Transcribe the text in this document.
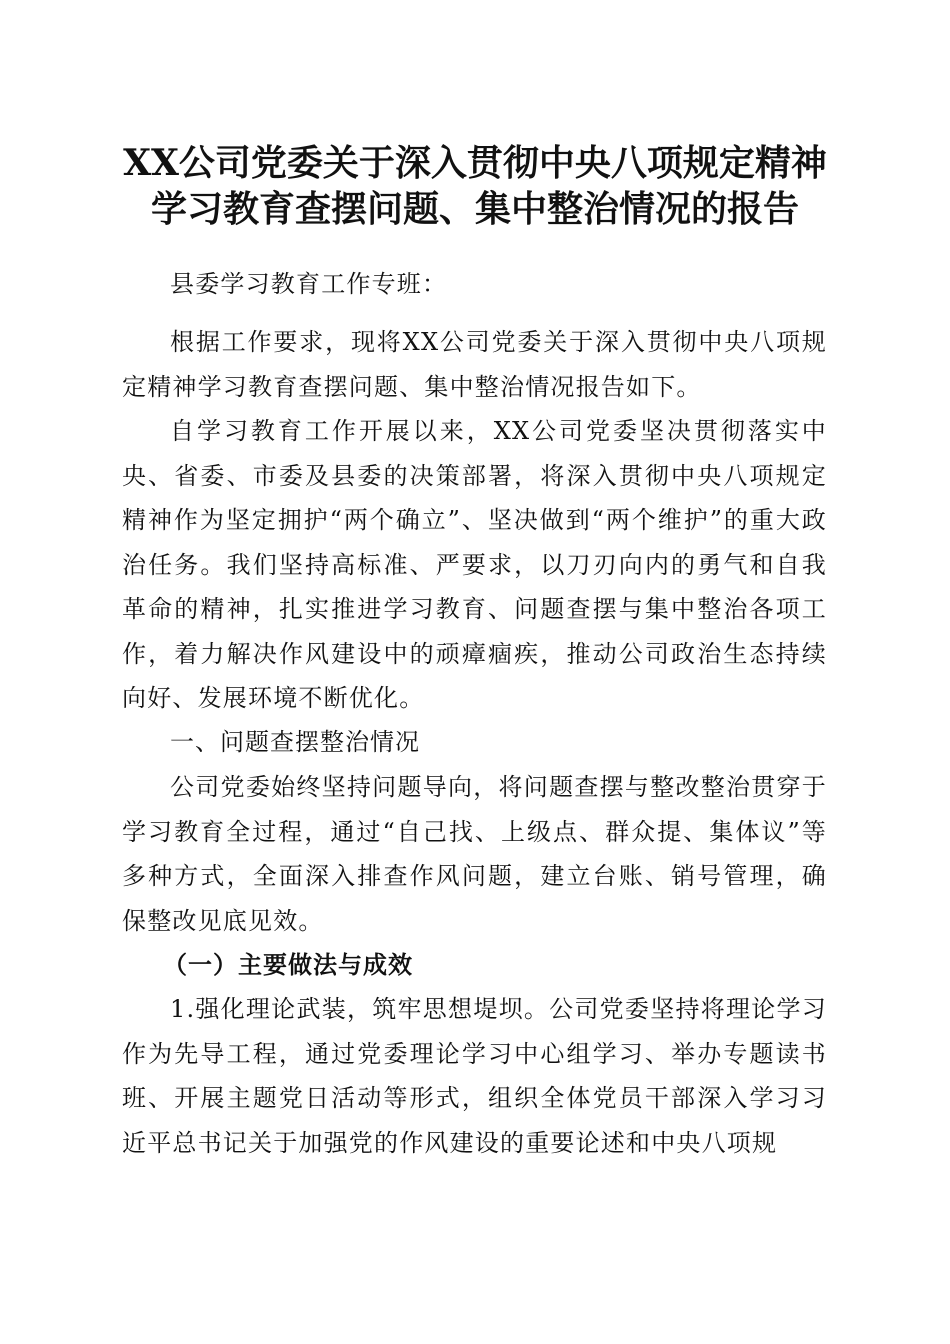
XX公司党委关于深入贯彻中央八项规定精神
学习教育查摆问题、集中整治情况的报告

县委学习教育工作专班：

根据工作要求，现将XX公司党委关于深入贯彻中央八项规定精神学习教育查摆问题、集中整治情况报告如下。

自学习教育工作开展以来，XX公司党委坚决贯彻落实中央、省委、市委及县委的决策部署，将深入贯彻中央八项规定精神作为坚定拥护“两个确立”、坚决做到“两个维护”的重大政治任务。我们坚持高标准、严要求，以刀刃向内的勇气和自我革命的精神，扎实推进学习教育、问题查摆与集中整治各项工作，着力解决作风建设中的顽瘴痼疾，推动公司政治生态持续向好、发展环境不断优化。

一、问题查摆整治情况

公司党委始终坚持问题导向，将问题查摆与整改整治贯穿于学习教育全过程，通过“自己找、上级点、群众提、集体议”等多种方式，全面深入排查作风问题，建立台账、销号管理，确保整改见底见效。

（一）主要做法与成效

1.强化理论武装，筑牢思想堤坝。公司党委坚持将理论学习作为先导工程，通过党委理论学习中心组学习、举办专题读书班、开展主题党日活动等形式，组织全体党员干部深入学习习近平总书记关于加强党的作风建设的重要论述和中央八项规
